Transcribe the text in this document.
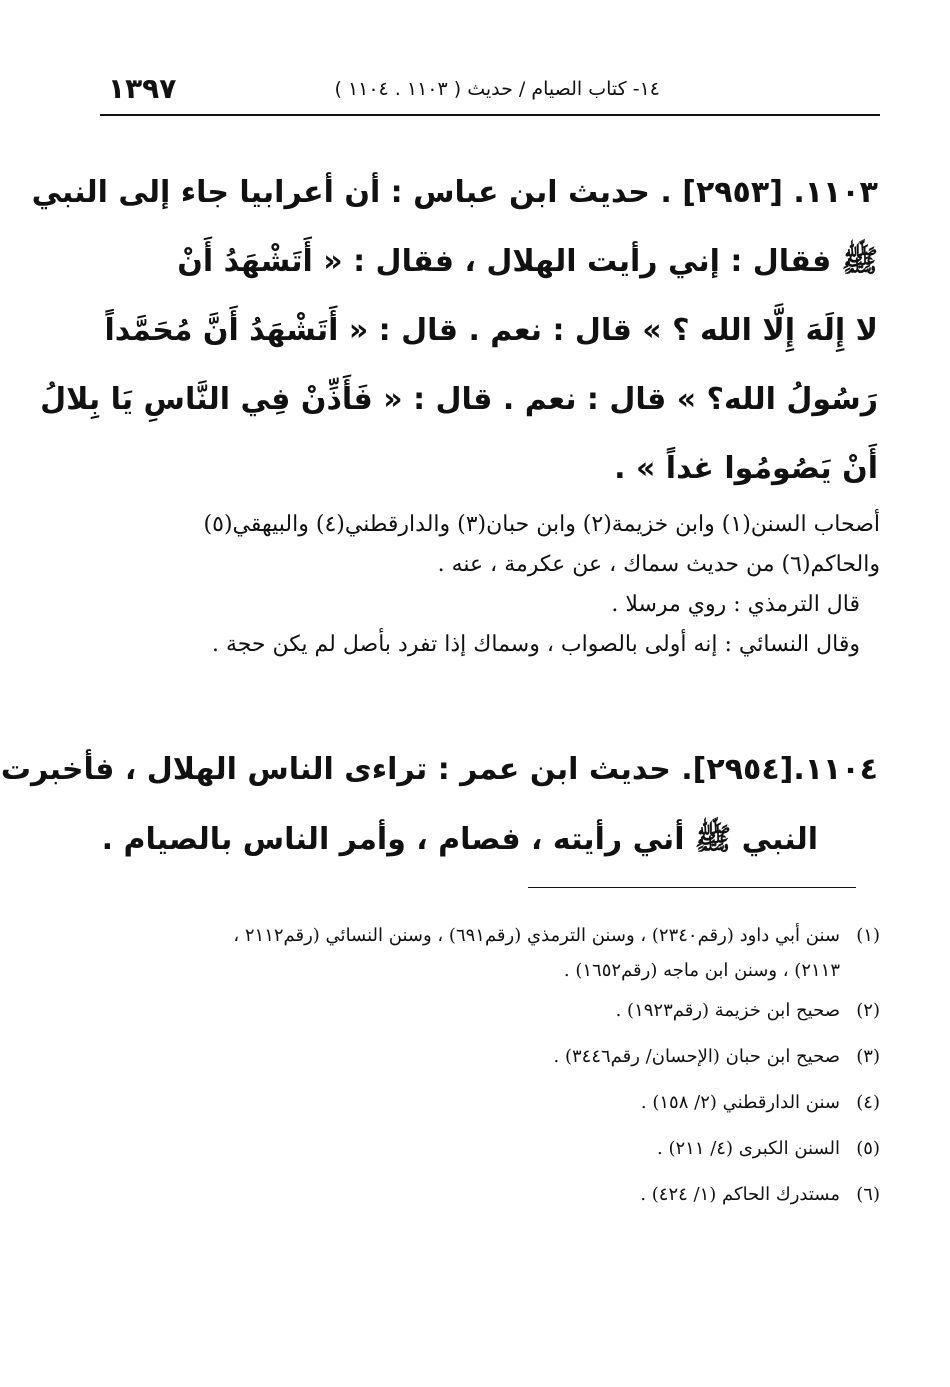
١٤- كتاب الصيام / حديث ( ١١٠٣ . ١١٠٤ )
١٣٩٧
١١٠٣. [٢٩٥٣] . حديث ابن عباس : أن أعرابيا جاء إلى النبي
ﷺ فقال : إني رأيت الهلال ، فقال : « أَتَشْهَدُ أَنْ
لا إِلَهَ إِلَّا الله ؟ » قال : نعم . قال : « أَتَشْهَدُ أَنَّ مُحَمَّداً
رَسُولُ الله؟ » قال : نعم . قال : « فَأَذِّنْ فِي النَّاسِ يَا بِلالُ
أَنْ يَصُومُوا غداً » .
أصحاب السنن(١) وابن خزيمة(٢) وابن حبان(٣) والدارقطني(٤) والبيهقي(٥)
والحاكم(٦) من حديث سماك ، عن عكرمة ، عنه .
قال الترمذي : روي مرسلا .
وقال النسائي : إنه أولى بالصواب ، وسماك إذا تفرد بأصل لم يكن حجة .
١١٠٤.[٢٩٥٤]. حديث ابن عمر : تراءى الناس الهلال ، فأخبرت
النبي ﷺ أني رأيته ، فصام ، وأمر الناس بالصيام .
(١)سنن أبي داود (رقم٢٣٤٠) ، وسنن الترمذي (رقم٦٩١) ، وسنن النسائي (رقم٢١١٢ ،
٢١١٣) ، وسنن ابن ماجه (رقم١٦٥٢) .
(٢)صحيح ابن خزيمة (رقم١٩٢٣) .
(٣)صحيح ابن حبان (الإحسان/ رقم٣٤٤٦) .
(٤)سنن الدارقطني (٢/ ١٥٨) .
(٥)السنن الكبرى (٤/ ٢١١) .
(٦)مستدرك الحاكم (١/ ٤٢٤) .
